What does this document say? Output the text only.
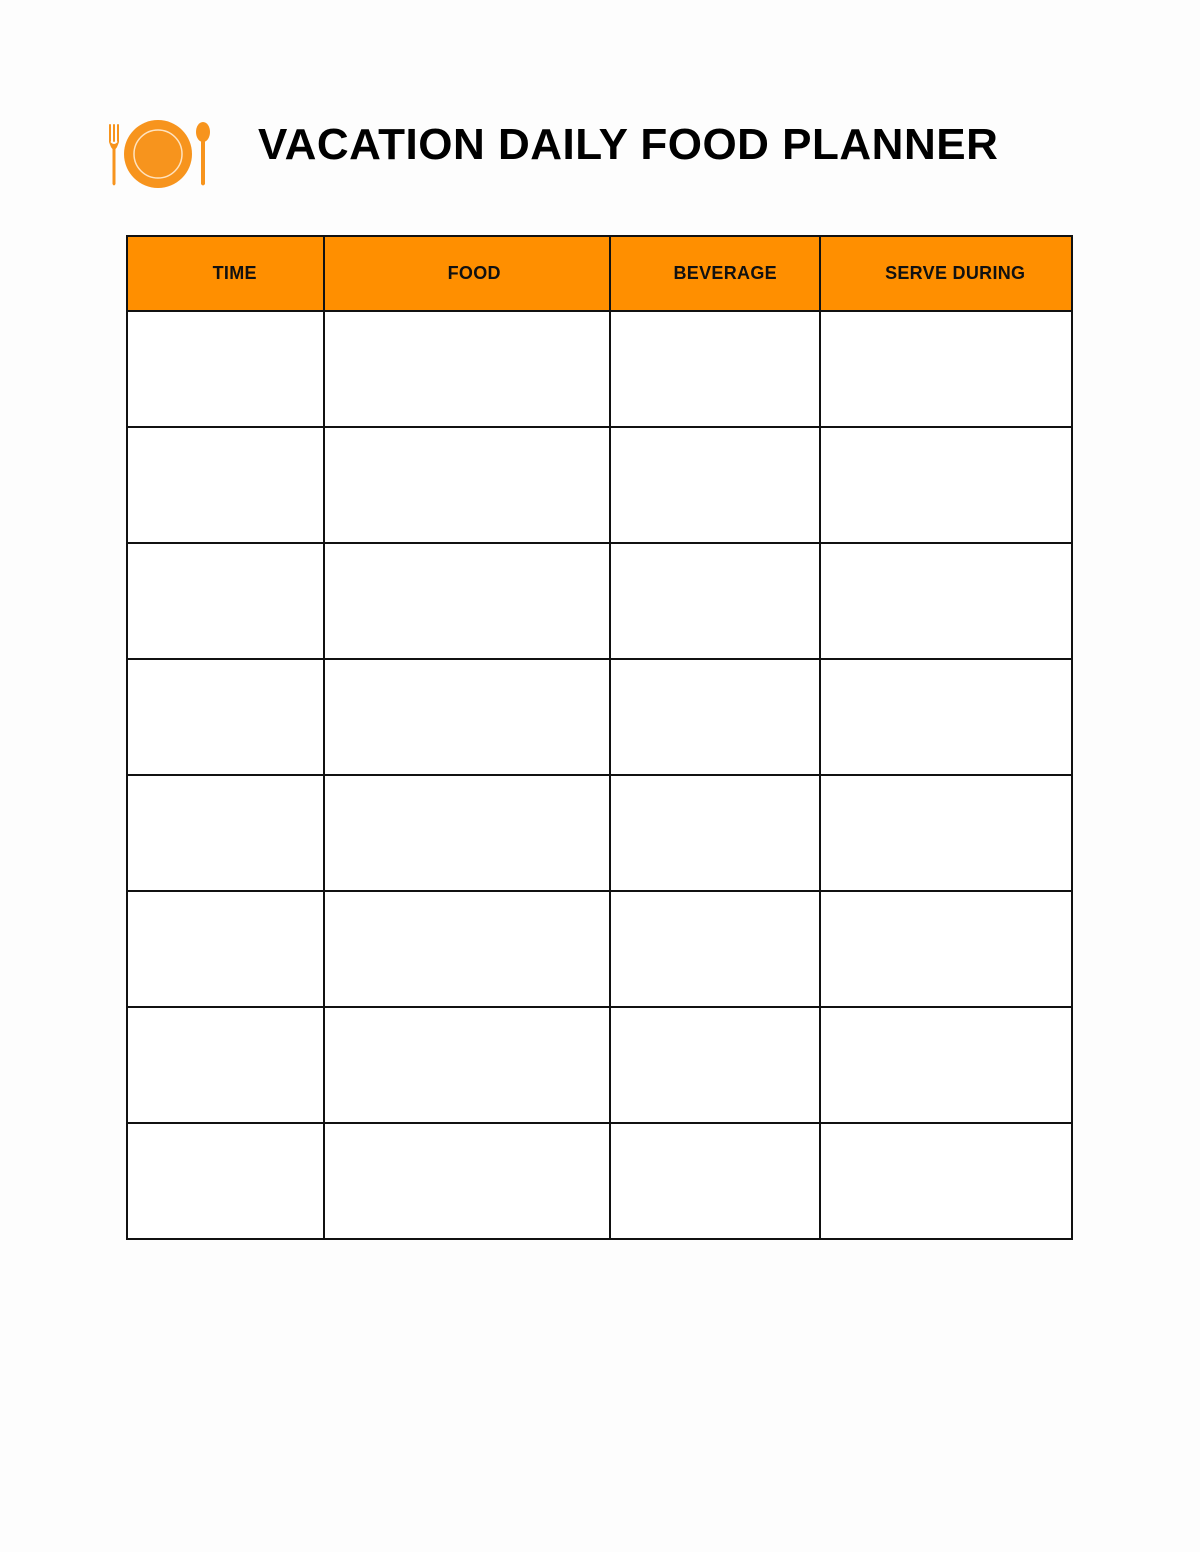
VACATION DAILY FOOD PLANNER
TIME	FOOD	BEVERAGE	SERVE DURING
